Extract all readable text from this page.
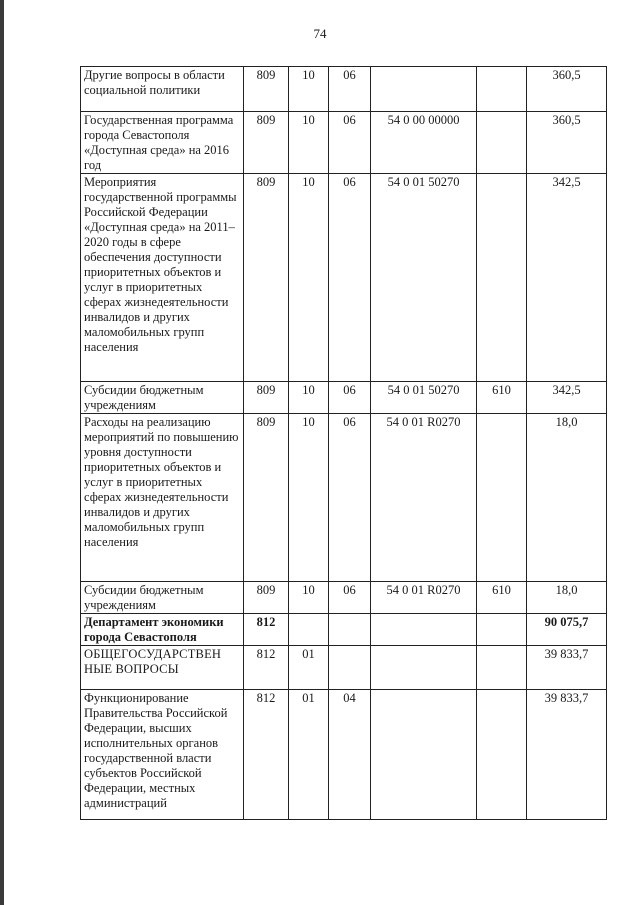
74
Другие вопросы в области социальной политики	809	10	06			360,5
Государственная программа города Севастополя «Доступная среда» на 2016 год	809	10	06	54 0 00 00000		360,5
Мероприятия государственной программы Российской Федерации «Доступная среда» на 2011–2020 годы в сфере обеспечения доступности приоритетных объектов и услуг в приоритетных сферах жизнедеятельности инвалидов и других маломобильных групп населения	809	10	06	54 0 01 50270		342,5
Субсидии бюджетным учреждениям	809	10	06	54 0 01 50270	610	342,5
Расходы на реализацию мероприятий по повышению уровня доступности приоритетных объектов и услуг в приоритетных сферах жизнедеятельности инвалидов и других маломобильных групп населения	809	10	06	54 0 01 R0270		18,0
Субсидии бюджетным учреждениям	809	10	06	54 0 01 R0270	610	18,0
Департамент экономики города Севастополя	812					90 075,7
ОБЩЕГОСУДАРСТВЕН НЫЕ ВОПРОСЫ	812	01				39 833,7
Функционирование Правительства Российской Федерации, высших исполнительных органов государственной власти субъектов Российской Федерации, местных администраций	812	01	04			39 833,7
